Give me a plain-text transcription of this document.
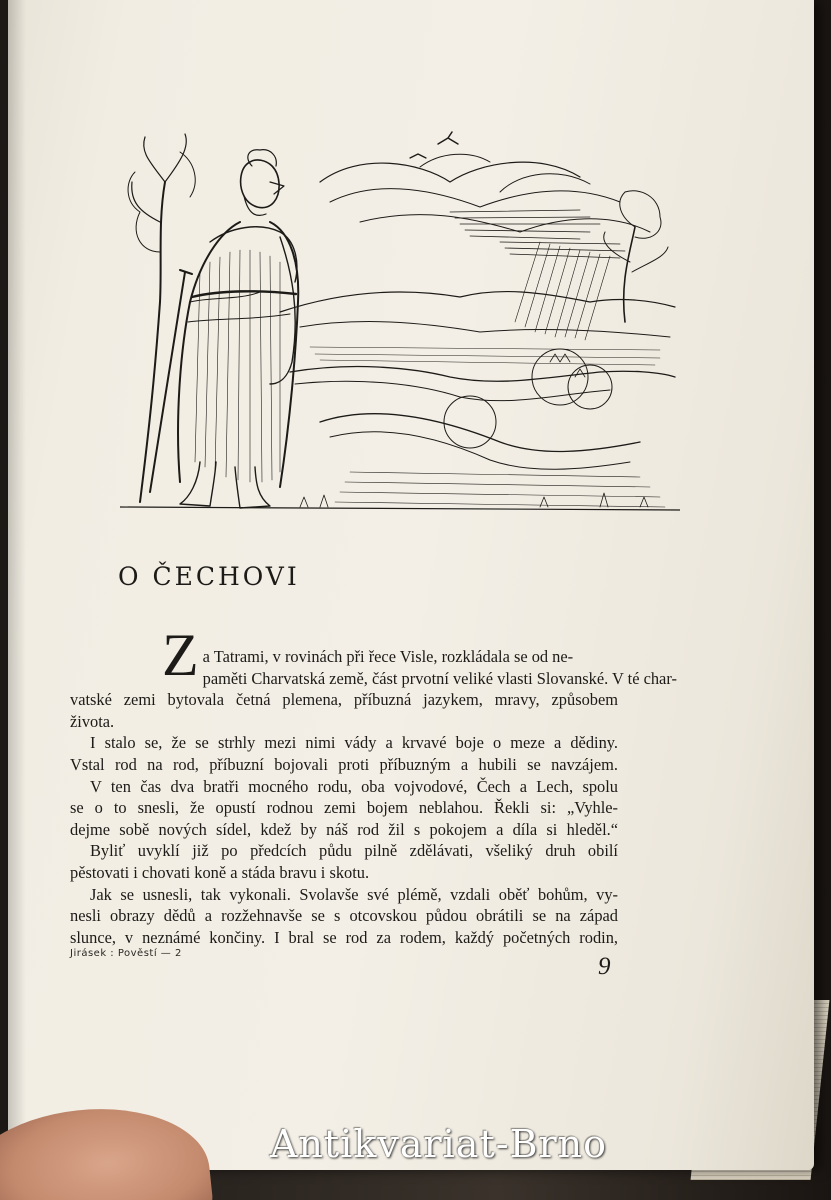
O ČECHOVI
Z a Tatrami, v rovinách při řece Visle, rozkládala se od ne-
paměti Charvatská země, část prvotní veliké vlasti Slovanské. V té char-
vatské zemi bytovala četná plemena, příbuzná jazykem, mravy, způsobem
života.
I stalo se, že se strhly mezi nimi vády a krvavé boje o meze a dědiny.
Vstal rod na rod, příbuzní bojovali proti příbuzným a hubili se navzájem.
V ten čas dva bratři mocného rodu, oba vojvodové, Čech a Lech, spolu
se o to snesli, že opustí rodnou zemi bojem neblahou. Řekli si: „Vyhle-
dejme sobě nových sídel, kdež by náš rod žil s pokojem a díla si hleděl.“
Byliť uvyklí již po předcích půdu pilně zdělávati, všeliký druh obilí
pěstovati i chovati koně a stáda bravu i skotu.
Jak se usnesli, tak vykonali. Svolavše své plémě, vzdali oběť bohům, vy-
nesli obrazy dědů a rozžehnavše se s otcovskou půdou obrátili se na západ
slunce, v neznámé končiny. I bral se rod za rodem, každý početných rodin,
Jirásek : Pověstí — 2	9
Antikvariat-Brno
